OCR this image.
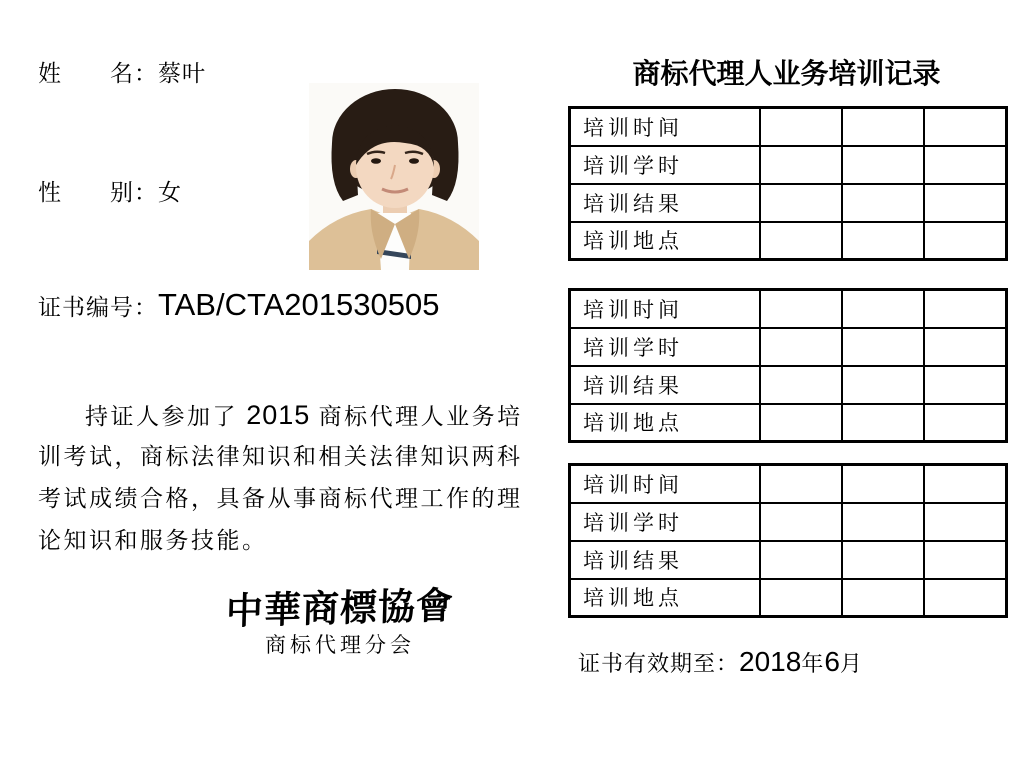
姓　　名：蔡叶
性　　别：女
证书编号：TAB/CTA201530505
持证人参加了 2015 商标代理人业务培
训考试，商标法律知识和相关法律知识两科
考试成绩合格，具备从事商标代理工作的理
论知识和服务技能。
中華商標協會
商标代理分会
商标代理人业务培训记录
培训时间			
培训学时			
培训结果			
培训地点			
培训时间			
培训学时			
培训结果			
培训地点			
培训时间			
培训学时			
培训结果			
培训地点			
证书有效期至：2018年6月
